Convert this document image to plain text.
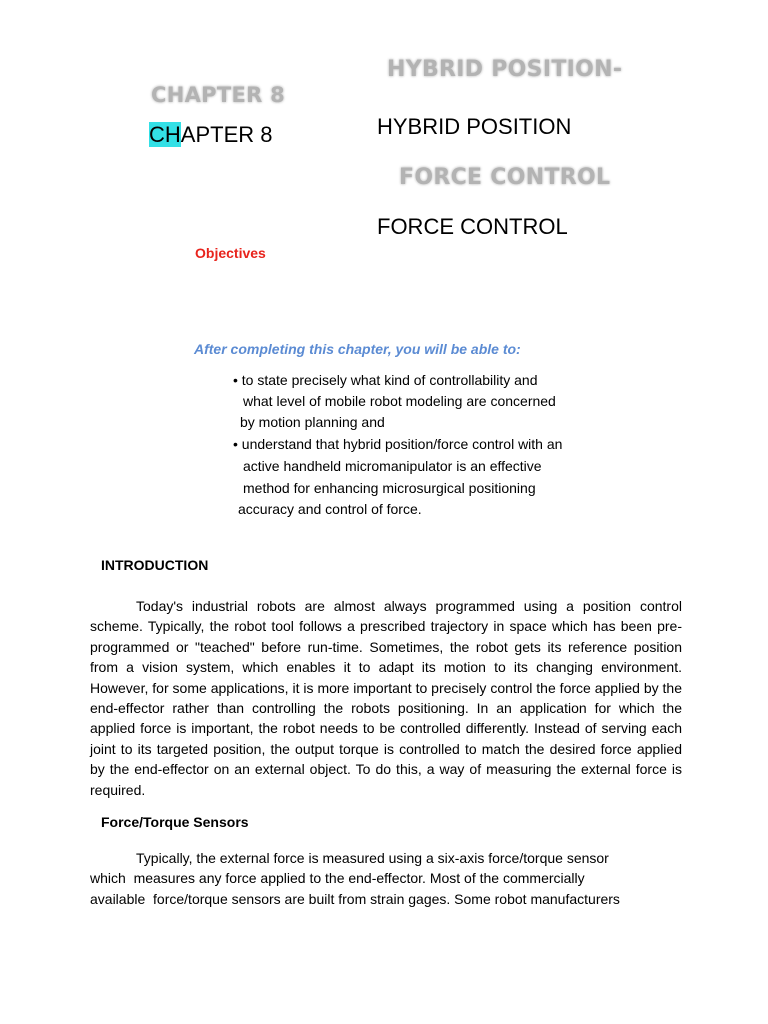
CHAPTER 8
HYBRID POSITION-
FORCE CONTROL
CHAPTER 8	HYBRID POSITION
FORCE CONTROL
Objectives
After completing this chapter, you will be able to:
• to state precisely what kind of controllability and
what level of mobile robot modeling are concerned
by motion planning and
• understand that hybrid position/force control with an
active handheld micromanipulator is an effective
method for enhancing microsurgical positioning
accuracy and control of force.
INTRODUCTION

Today's industrial robots are almost always programmed using a position control scheme. Typically, the robot tool follows a prescribed trajectory in space which has been pre-programmed or "teached" before run-time. Sometimes, the robot gets its reference position from a vision system, which enables it to adapt its motion to its changing environment. However, for some applications, it is more important to precisely control the force applied by the end-effector rather than controlling the robots positioning. In an application for which the applied force is important, the robot needs to be controlled differently. Instead of serving each joint to its targeted position, the output torque is controlled to match the desired force applied by the end-effector on an external object. To do this, a way of measuring the external force is required.

Force/Torque Sensors
Typically, the external force is measured using a six-axis force/torque sensor
which  measures any force applied to the end-effector. Most of the commercially
available  force/torque sensors are built from strain gages. Some robot manufacturers
